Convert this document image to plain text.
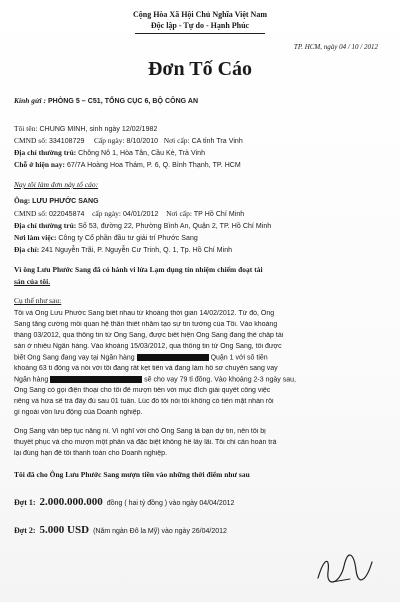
Cộng Hòa Xã Hội Chủ Nghĩa Việt Nam
Độc lập - Tự do - Hạnh Phúc
TP. HCM, ngày 04 / 10 / 2012
Đơn Tố Cáo
Kính gửi : PHÒNG 5 – C51, TỔNG CỤC 6, BỘ CÔNG AN
Tôi tên: CHUNG MINH, sinh ngày 12/02/1982
CMND số: 334108729 Cấp ngày: 8/10/2010 Nơi cấp: CA tỉnh Tra Vinh
Địa chỉ thường trú: Chông Nô 1, Hòa Tân, Cầu Kè, Trà Vinh
Chỗ ở hiện nay: 67/7A Hoàng Hoa Thám, P. 6, Q. Bình Thạnh, TP. HCM
Nay tôi làm đơn này tố cáo:
Ông: LƯU PHƯỚC SANG
CMND số: 022045874 cấp ngày: 04/01/2012 Nơi cấp: TP Hồ Chí Minh
Địa chỉ thường trú: Số 53, đường 22, Phường Bình An, Quận 2, TP. Hồ Chí Minh
Nơi làm việc: Công ty Cổ phần đầu tư giải trí Phước Sang
Địa chỉ: 241 Nguyễn Trãi, P. Nguyễn Cư Trinh, Q. 1, Tp. Hồ Chí Minh
Vì ông Lưu Phước Sang đã có hành vi lừa Lạm dụng tín nhiệm chiếm đoạt tài
sản của tôi.
Cụ thể như sau:
Tôi và Ông Lưu Phước Sang biết nhau từ khoảng thời gian 14/02/2012. Từ đó, Ông
Sang tăng cường mối quan hệ thân thiết nhằm tạo sự tin tưởng của Tôi. Vào khoảng
tháng 03/2012, qua thông tin từ Ông Sang, được biết hiện Ông Sang đang thế chấp tài
sản ở nhiều Ngân hàng. Vào khoảng 15/03/2012, qua thông tin từ Ông Sang, tôi được
biết Ông Sang đang vay tại Ngân hàng	Quận 1 với số tiền
khoảng 63 tỉ đồng và nói với tôi đang rất kẹt tiền và đang làm hồ sơ chuyển sang vay
Ngân hàng	sẽ cho vay 79 tỉ đồng. Vào khoảng 2-3 ngày sau,
Ông Sang có gọi điện thoại cho tôi để mượn tiền với mục đích giải quyết công việc
riêng và hứa sẽ trả đầy đủ sau 01 tuần. Lúc đó tôi nói tôi không có tiền mặt nhàn rỗi
gì ngoài vốn lưu động của Doanh nghiệp.
Ông Sang vẫn tiếp tục nằng nỉ. Vì nghĩ với chỗ Ông Sang là bạn dự tin, nên tôi bị
thuyết phục và cho mượn một phần và đặc biệt không hề lấy lãi. Tôi chỉ cần hoàn trả
lại đúng hạn để tôi thanh toán cho Doanh nghiệp.
Tôi đã cho Ông Lưu Phước Sang mượn tiền vào những thời điểm như sau
Đợt 1: 2.000.000.000 đồng ( hai tỷ đồng ) vào ngày 04/04/2012
Đợt 2: 5.000 USD (Năm ngàn Đô la Mỹ) vào ngày 26/04/2012
